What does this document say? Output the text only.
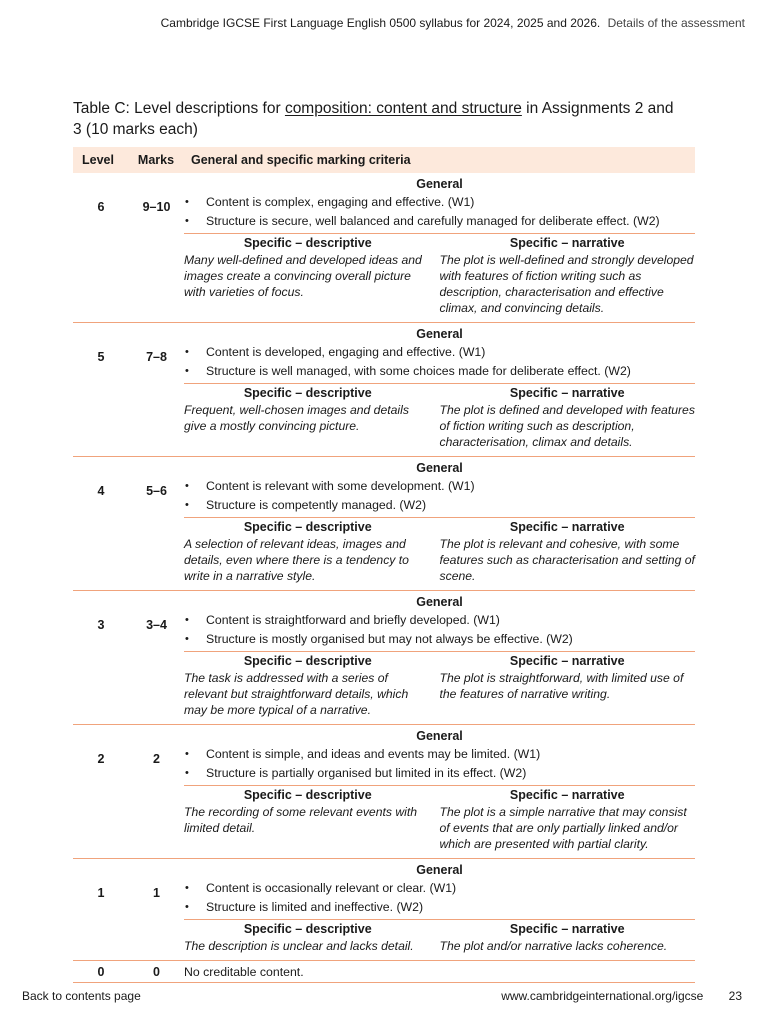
Cambridge IGCSE First Language English 0500 syllabus for 2024, 2025 and 2026. Details of the assessment
Table C: Level descriptions for composition: content and structure in Assignments 2 and 3 (10 marks each)
Level	Marks	General and specific marking criteria
6	9–10
General
• Content is complex, engaging and effective. (W1)
• Structure is secure, well balanced and carefully managed for deliberate effect. (W2)
Specific – descriptive

Many well-defined and developed ideas and images create a convincing overall picture with varieties of focus.

Specific – narrative

The plot is well-defined and strongly developed with features of fiction writing such as description, characterisation and effective climax, and convincing details.

5	7–8
General
• Content is developed, engaging and effective. (W1)
• Structure is well managed, with some choices made for deliberate effect. (W2)
Specific – descriptive

Frequent, well-chosen images and details give a mostly convincing picture.

Specific – narrative

The plot is defined and developed with features of fiction writing such as description, characterisation, climax and details.

4	5–6
General
• Content is relevant with some development. (W1)
• Structure is competently managed. (W2)
Specific – descriptive

A selection of relevant ideas, images and details, even where there is a tendency to write in a narrative style.

Specific – narrative

The plot is relevant and cohesive, with some features such as characterisation and setting of scene.

3	3–4
General
• Content is straightforward and briefly developed. (W1)
• Structure is mostly organised but may not always be effective. (W2)
Specific – descriptive

The task is addressed with a series of relevant but straightforward details, which may be more typical of a narrative.

Specific – narrative

The plot is straightforward, with limited use of the features of narrative writing.

2	2
General
• Content is simple, and ideas and events may be limited. (W1)
• Structure is partially organised but limited in its effect. (W2)
Specific – descriptive

The recording of some relevant events with limited detail.

Specific – narrative

The plot is a simple narrative that may consist of events that are only partially linked and/or which are presented with partial clarity.

1	1
General
• Content is occasionally relevant or clear. (W1)
• Structure is limited and ineffective. (W2)
Specific – descriptive

The description is unclear and lacks detail.

Specific – narrative

The plot and/or narrative lacks coherence.

0	0	No creditable content.
Back to contents page	www.cambridgeinternational.org/igcse 23
